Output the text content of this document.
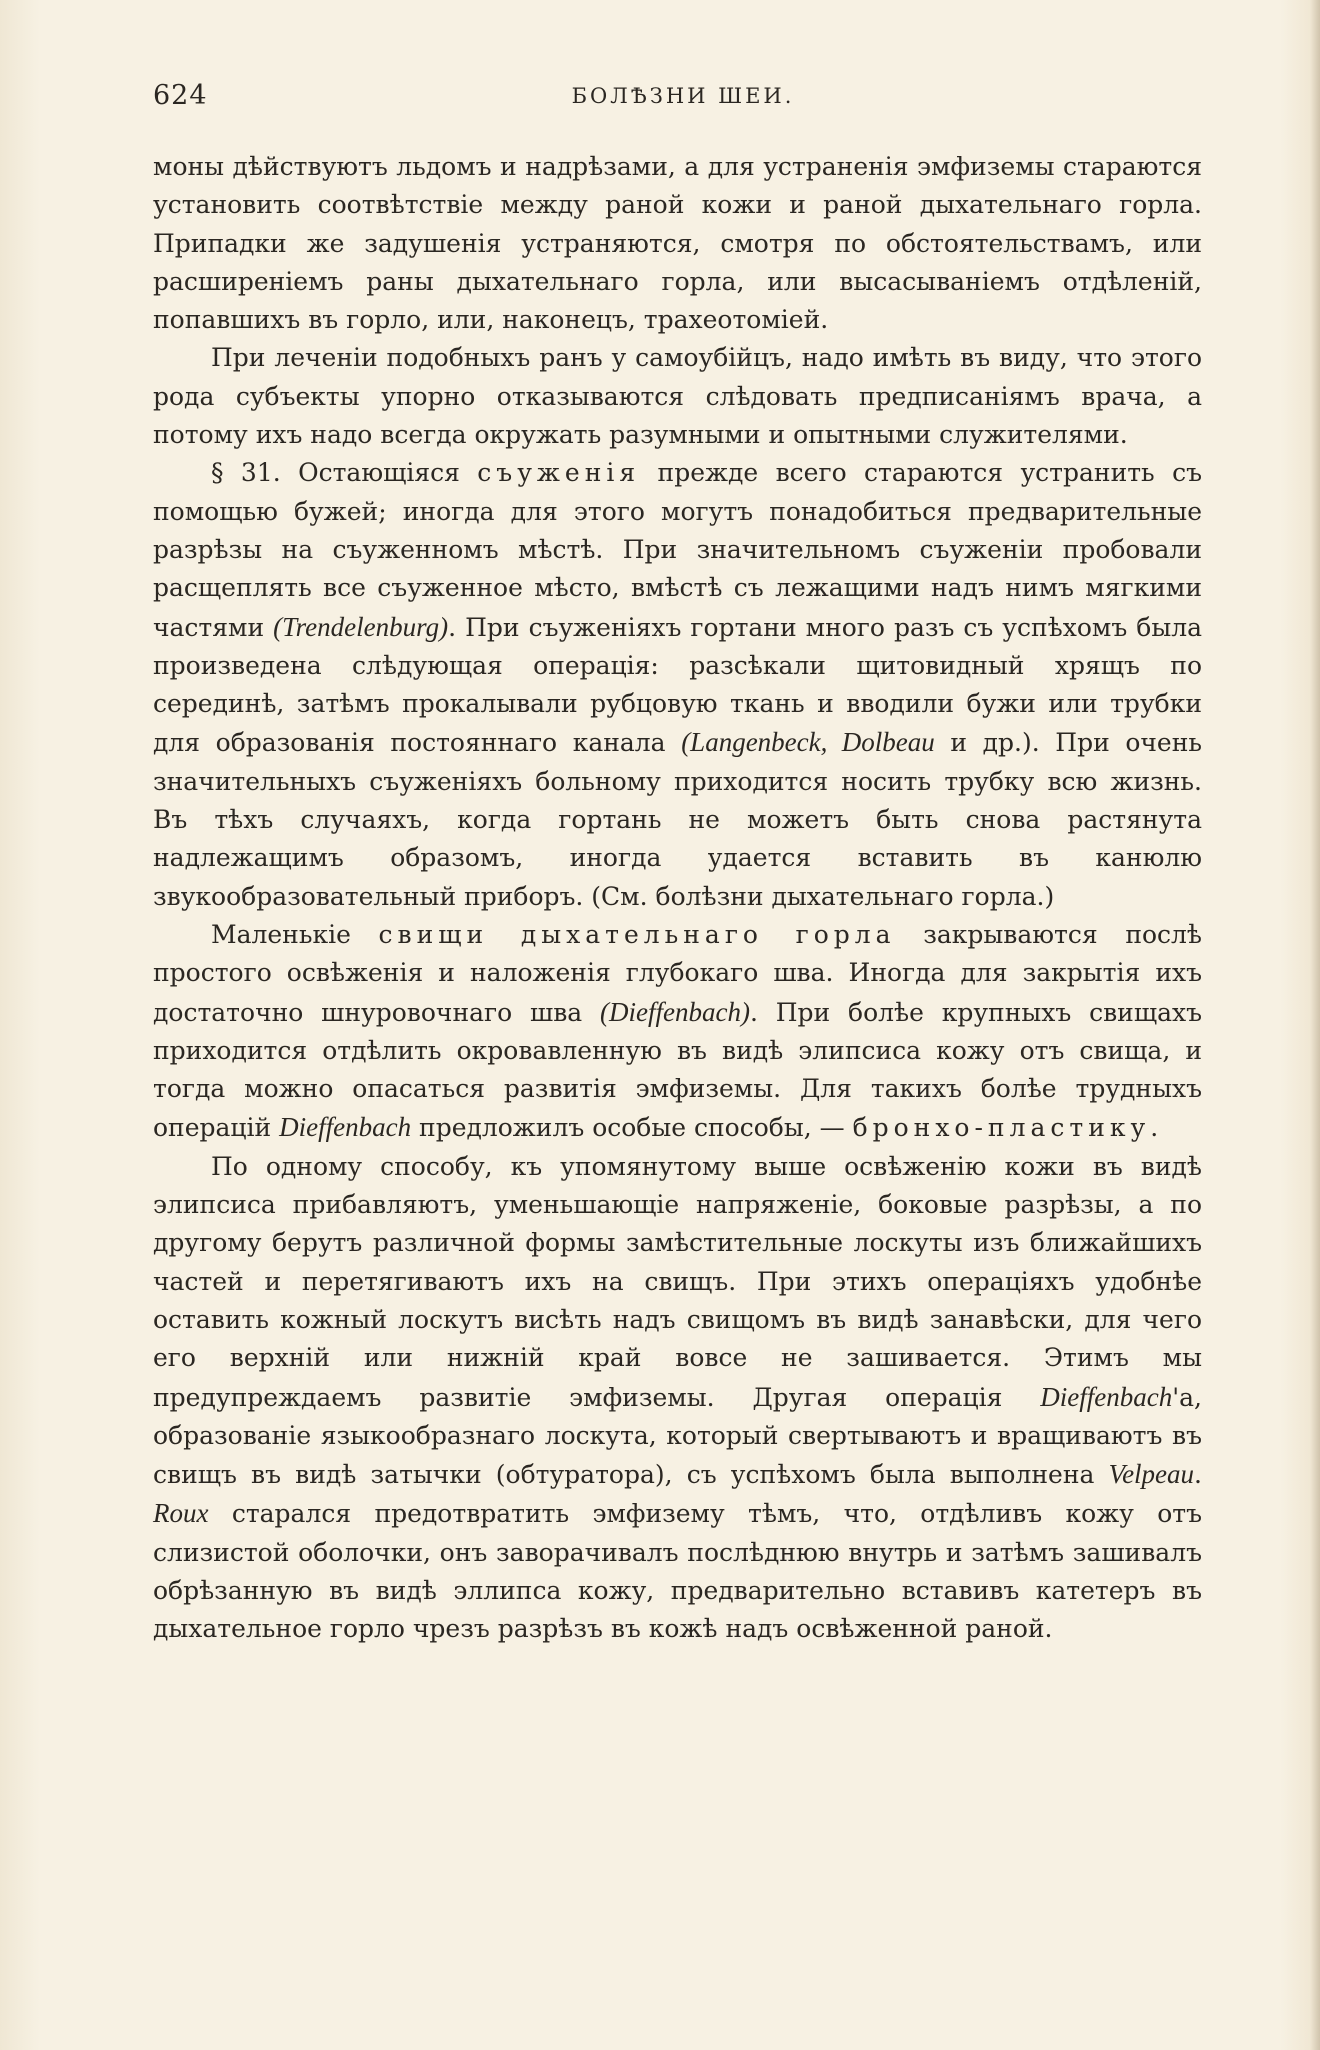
624	БОЛѢЗНИ ШЕИ.

моны дѣйствуютъ льдомъ и надрѣзами, а для устраненія эмфиземы стараются установить соотвѣтствіе между раной кожи и раной дыхательнаго горла. Припадки же задушенія устраняются, смотря по обстоятельствамъ, или расширеніемъ раны дыхательнаго горла, или высасываніемъ отдѣленій, попавшихъ въ горло, или, наконецъ, трахеотоміей.

При леченіи подобныхъ ранъ у самоубійцъ, надо имѣть въ виду, что этого рода субъекты упорно отказываются слѣдовать предписаніямъ врача, а потому ихъ надо всегда окружать разумными и опытными служителями.

§ 31. Остающіяся съуженія прежде всего стараются устранить съ помощью бужей; иногда для этого могутъ понадобиться предварительные разрѣзы на съуженномъ мѣстѣ. При значительномъ съуженіи пробовали расщеплять все съуженное мѣсто, вмѣстѣ съ лежащими надъ нимъ мягкими частями (Trendelenburg). При съуженіяхъ гортани много разъ съ успѣхомъ была произведена слѣдующая операція: разсѣкали щитовидный хрящъ по серединѣ, затѣмъ прокалывали рубцовую ткань и вводили бужи или трубки для образованія постояннаго канала (Langenbeck, Dolbeau и др.). При очень значительныхъ съуженіяхъ больному приходится носить трубку всю жизнь. Въ тѣхъ случаяхъ, когда гортань не можетъ быть снова растянута надлежащимъ образомъ, иногда удается вставить въ канюлю звукообразовательный приборъ. (См. болѣзни дыхательнаго горла.)

Маленькіе свищи дыхательнаго горла закрываются послѣ простого освѣженія и наложенія глубокаго шва. Иногда для закрытія ихъ достаточно шнуровочнаго шва (Dieffenbach). При болѣе крупныхъ свищахъ приходится отдѣлить окровавленную въ видѣ элипсиса кожу отъ свища, и тогда можно опасаться развитія эмфиземы. Для такихъ болѣе трудныхъ операцій Dieffenbach предложилъ особые способы, — бронхо-пластику.

По одному способу, къ упомянутому выше освѣженію кожи въ видѣ элипсиса прибавляютъ, уменьшающіе напряженіе, боковые разрѣзы, а по другому берутъ различной формы замѣстительные лоскуты изъ ближайшихъ частей и перетягиваютъ ихъ на свищъ. При этихъ операціяхъ удобнѣе оставить кожный лоскутъ висѣть надъ свищомъ въ видѣ занавѣски, для чего его верхній или нижній край вовсе не зашивается. Этимъ мы предупреждаемъ развитіе эмфиземы. Другая операція Dieffenbach'а, образованіе языкообразнаго лоскута, который свертываютъ и вращиваютъ въ свищъ въ видѣ затычки (обтуратора), съ успѣхомъ была выполнена Velpeau. Roux старался предотвратить эмфизему тѣмъ, что, отдѣливъ кожу отъ слизистой оболочки, онъ заворачивалъ послѣднюю внутрь и затѣмъ зашивалъ обрѣзанную въ видѣ эллипса кожу, предварительно вставивъ катетеръ въ дыхательное горло чрезъ разрѣзъ въ кожѣ надъ освѣженной раной.
